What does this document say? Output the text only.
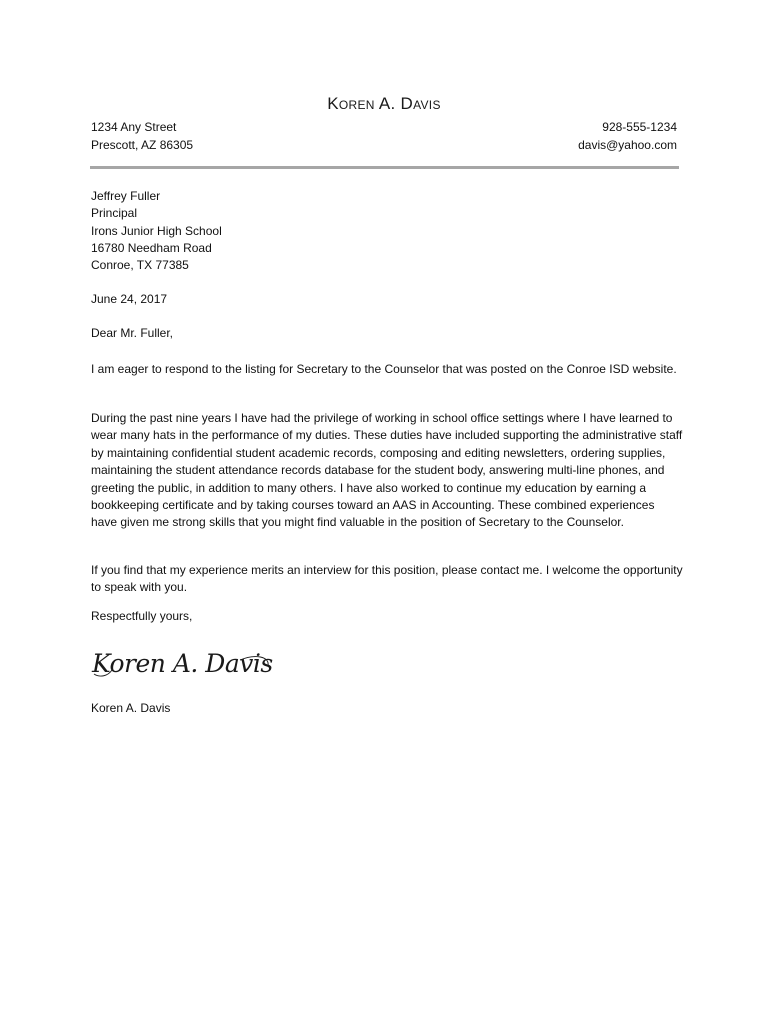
Koren A. Davis
1234 Any Street
Prescott, AZ 86305
928-555-1234
davis@yahoo.com
Jeffrey Fuller
Principal
Irons Junior High School
16780 Needham Road
Conroe, TX 77385
June 24, 2017
Dear Mr. Fuller,
I am eager to respond to the listing for Secretary to the Counselor that was posted on the Conroe ISD website.
During the past nine years I have had the privilege of working in school office settings where I have learned to wear many hats in the performance of my duties. These duties have included supporting the administrative staff by maintaining confidential student academic records, composing and editing newsletters, ordering supplies, maintaining the student attendance records database for the student body, answering multi-line phones, and greeting the public, in addition to many others. I have also worked to continue my education by earning a bookkeeping certificate and by taking courses toward an AAS in Accounting. These combined experiences have given me strong skills that you might find valuable in the position of Secretary to the Counselor.
If you find that my experience merits an interview for this position, please contact me. I welcome the opportunity to speak with you.
Respectfully yours,
Koren A. Davis
Koren A. Davis
